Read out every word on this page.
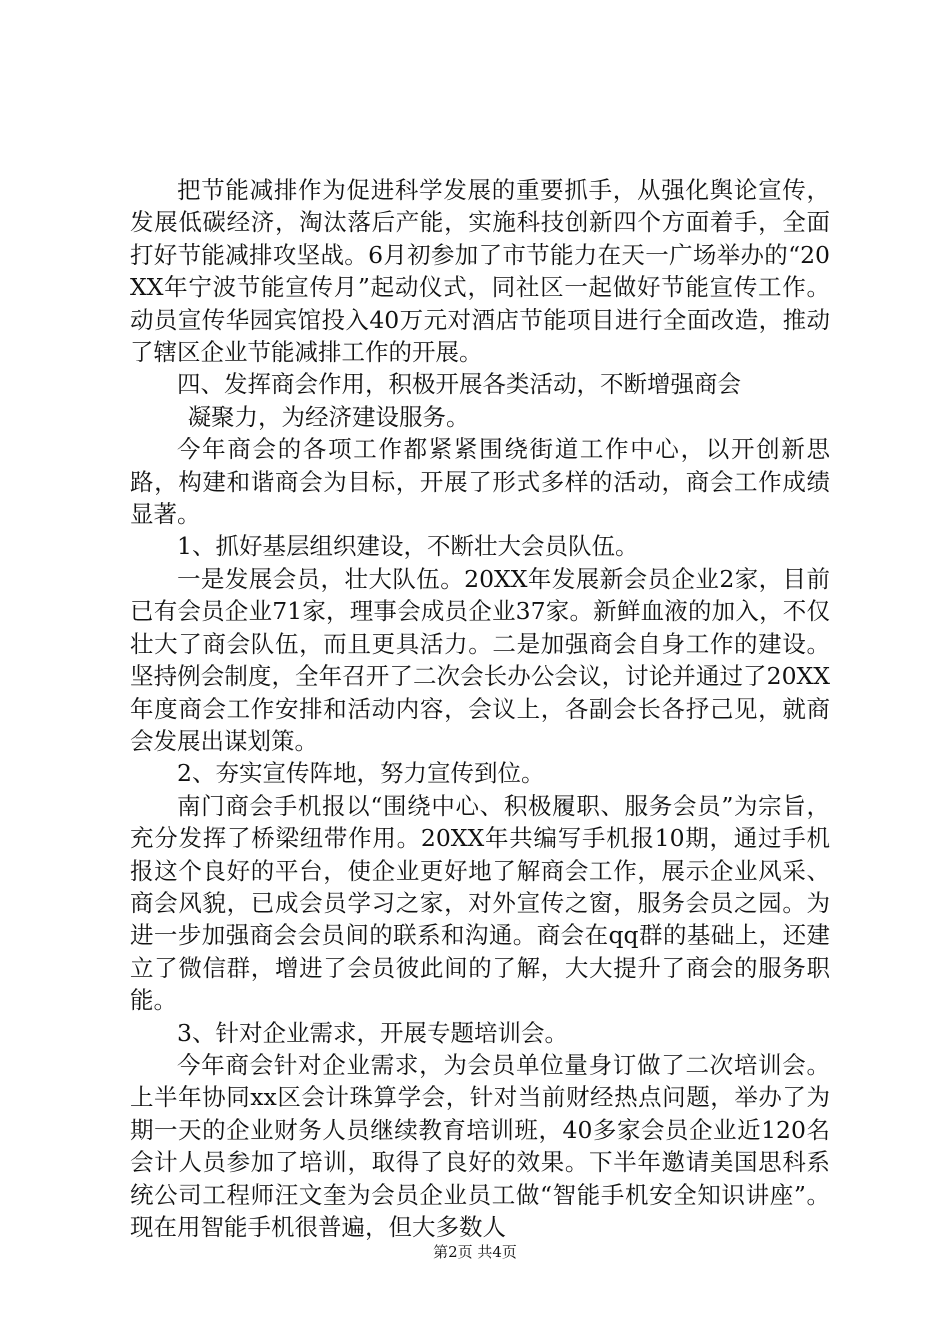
把节能减排作为促进科学发展的重要抓手，从强化舆论宣传，发展低碳经济，淘汰落后产能，实施科技创新四个方面着手，全面打好节能减排攻坚战。6月初参加了市节能力在天一广场举办的“20XX年宁波节能宣传月”起动仪式，同社区一起做好节能宣传工作。动员宣传华园宾馆投入40万元对酒店节能项目进行全面改造，推动了辖区企业节能减排工作的开展。

四、发挥商会作用，积极开展各类活动，不断增强商会

凝聚力，为经济建设服务。

今年商会的各项工作都紧紧围绕街道工作中心，以开创新思路，构建和谐商会为目标，开展了形式多样的活动，商会工作成绩显著。

1、抓好基层组织建设，不断壮大会员队伍。

一是发展会员，壮大队伍。20XX年发展新会员企业2家，目前已有会员企业71家，理事会成员企业37家。新鲜血液的加入，不仅壮大了商会队伍，而且更具活力。二是加强商会自身工作的建设。坚持例会制度，全年召开了二次会长办公会议，讨论并通过了20XX年度商会工作安排和活动内容，会议上，各副会长各抒己见，就商会发展出谋划策。

2、夯实宣传阵地，努力宣传到位。

南门商会手机报以“围绕中心、积极履职、服务会员”为宗旨，充分发挥了桥梁纽带作用。20XX年共编写手机报10期，通过手机报这个良好的平台，使企业更好地了解商会工作，展示企业风采、商会风貌，已成会员学习之家，对外宣传之窗，服务会员之园。为进一步加强商会会员间的联系和沟通。商会在qq群的基础上，还建立了微信群，增进了会员彼此间的了解，大大提升了商会的服务职能。

3、针对企业需求，开展专题培训会。

今年商会针对企业需求，为会员单位量身订做了二次培训会。上半年协同xx区会计珠算学会，针对当前财经热点问题，举办了为期一天的企业财务人员继续教育培训班，40多家会员企业近120名会计人员参加了培训，取得了良好的效果。下半年邀请美国思科系统公司工程师汪文奎为会员企业员工做“智能手机安全知识讲座”。现在用智能手机很普遍，但大多数人

第2页 共4页
